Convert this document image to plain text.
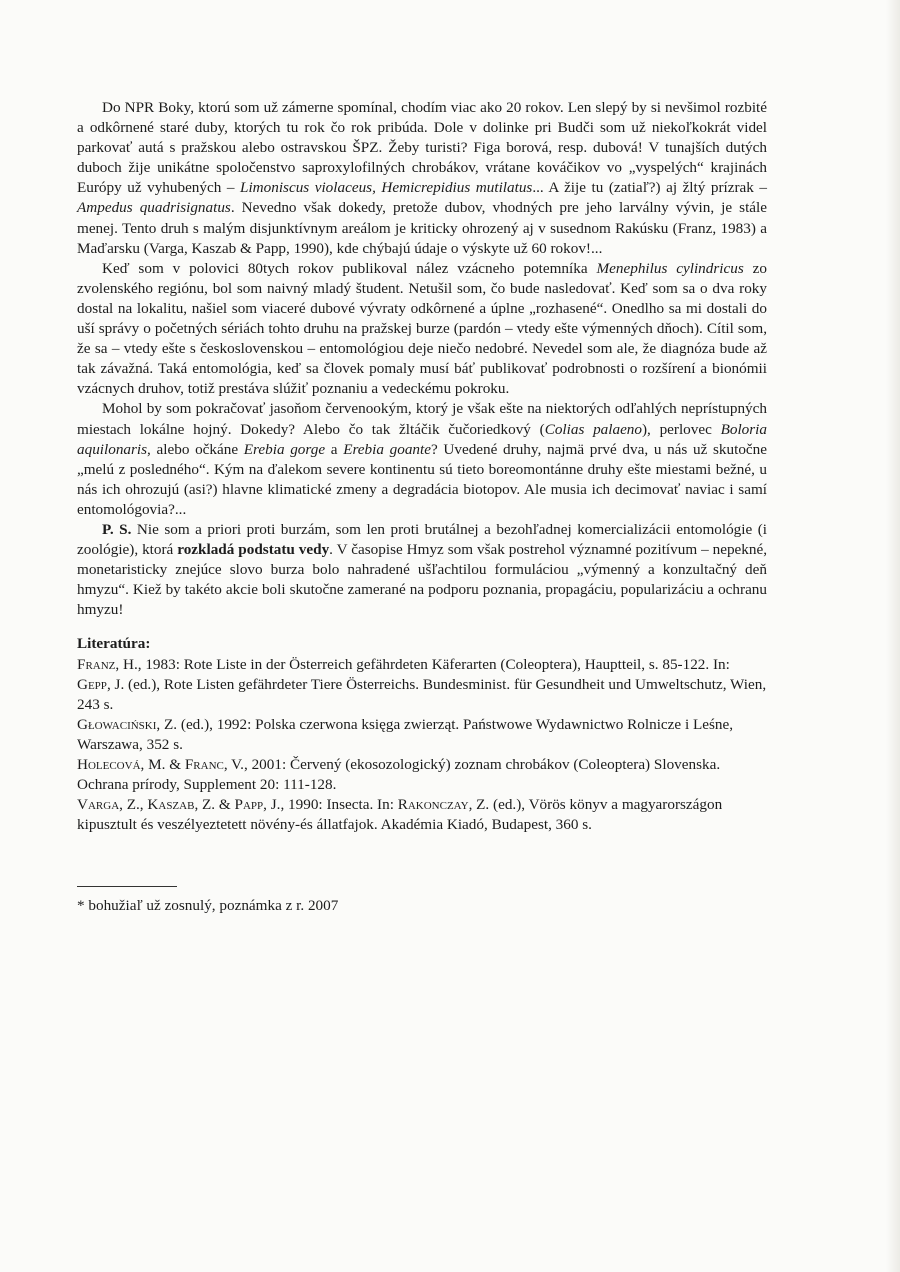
Do NPR Boky, ktorú som už zámerne spomínal, chodím viac ako 20 rokov. Len slepý by si nevšimol rozbité a odkôrnené staré duby, ktorých tu rok čo rok pribúda. Dole v dolinke pri Budči som už niekoľkokrát videl parkovať autá s pražskou alebo ostravskou ŠPZ. Žeby turisti? Figa borová, resp. dubová! V tunajších dutých duboch žije unikátne spoločenstvo saproxylofilných chrobákov, vrátane kováčikov vo „vyspelých“ krajinách Európy už vyhubených – Limoniscus violaceus, Hemicrepidius mutilatus... A žije tu (zatiaľ?) aj žltý prízrak – Ampedus quadrisignatus. Nevedno však dokedy, pretože dubov, vhodných pre jeho larválny vývin, je stále menej. Tento druh s malým disjunktívnym areálom je kriticky ohrozený aj v susednom Rakúsku (Franz, 1983) a Maďarsku (Varga, Kaszab & Papp, 1990), kde chýbajú údaje o výskyte už 60 rokov!...

Keď som v polovici 80tych rokov publikoval nález vzácneho potemníka Menephilus cylindricus zo zvolenského regiónu, bol som naivný mladý študent. Netušil som, čo bude nasledovať. Keď som sa o dva roky dostal na lokalitu, našiel som viaceré dubové vývraty odkôrnené a úplne „rozhasené“. Onedlho sa mi dostali do uší správy o početných sériách tohto druhu na pražskej burze (pardón – vtedy ešte výmenných dňoch). Cítil som, že sa – vtedy ešte s československou – entomológiou deje niečo nedobré. Nevedel som ale, že diagnóza bude až tak závažná. Taká entomológia, keď sa človek pomaly musí báť publikovať podrobnosti o rozšírení a bionómii vzácnych druhov, totiž prestáva slúžiť poznaniu a vedeckému pokroku.

Mohol by som pokračovať jasoňom červenookým, ktorý je však ešte na niektorých odľahlých neprístupných miestach lokálne hojný. Dokedy? Alebo čo tak žltáčik čučoriedkový (Colias palaeno), perlovec Boloria aquilonaris, alebo očkáne Erebia gorge a Erebia goante? Uvedené druhy, najmä prvé dva, u nás už skutočne „melú z posledného“. Kým na ďalekom severe kontinentu sú tieto boreomontánne druhy ešte miestami bežné, u nás ich ohrozujú (asi?) hlavne klimatické zmeny a degradácia biotopov. Ale musia ich decimovať naviac i samí entomológovia?...

P. S. Nie som a priori proti burzám, som len proti brutálnej a bezohľadnej komercializácii entomológie (i zoológie), ktorá rozkladá podstatu vedy. V časopise Hmyz som však postrehol významné pozitívum – nepekné, monetaristicky znejúce slovo burza bolo nahradené ušľachtilou formuláciou „výmenný a konzultačný deň hmyzu“. Kiež by takéto akcie boli skutočne zamerané na podporu poznania, propagáciu, popularizáciu a ochranu hmyzu!

Literatúra:

Franz, H., 1983: Rote Liste in der Österreich gefährdeten Käferarten (Coleoptera), Hauptteil, s. 85-122. In: Gepp, J. (ed.), Rote Listen gefährdeter Tiere Österreichs. Bundesminist. für Gesundheit und Umweltschutz, Wien, 243 s.

Głowaciński, Z. (ed.), 1992: Polska czerwona księga zwierząt. Państwowe Wydawnictwo Rolnicze i Leśne, Warszawa, 352 s.

Holecová, M. & Franc, V., 2001: Červený (ekosozologický) zoznam chrobákov (Coleoptera) Slovenska. Ochrana prírody, Supplement 20: 111-128.

Varga, Z., Kaszab, Z. & Papp, J., 1990: Insecta. In: Rakonczay, Z. (ed.), Vörös könyv a magyarországon kipusztult és veszélyeztetett növény-és állatfajok. Akadémia Kiadó, Budapest, 360 s.

* bohužiaľ už zosnulý, poznámka z r. 2007
